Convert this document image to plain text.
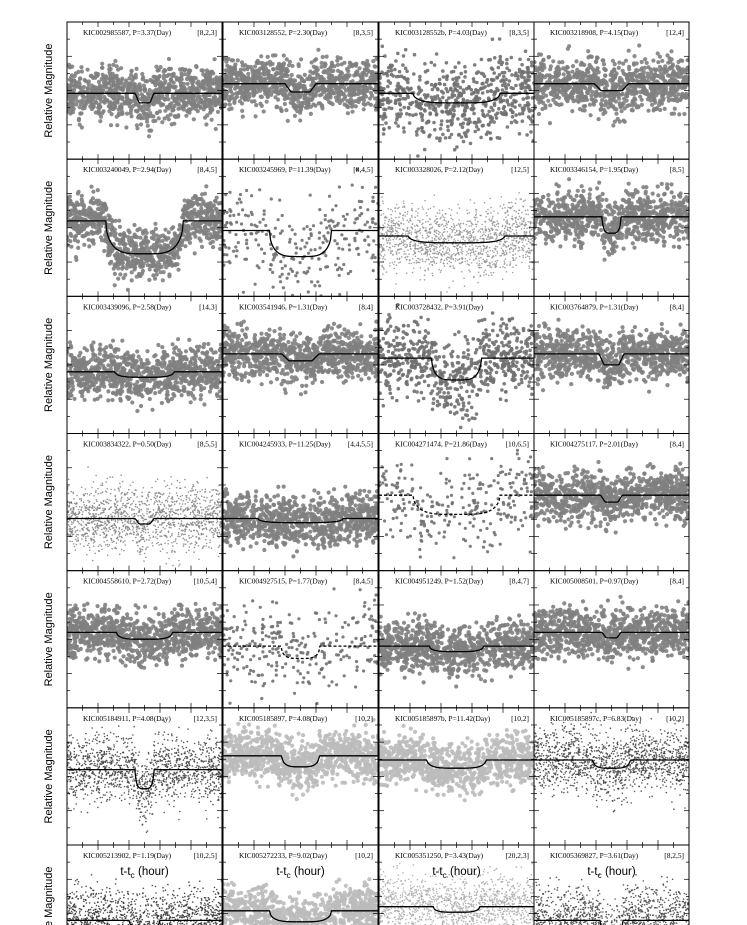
KIC002985587, P=3.37(Day)	[8,2,3]	KIC003128552, P=2.30(Day)	[8,3,5]	KIC003128552b, P=4.03(Day)	[8,3,5]	KIC003218908, P=4.15(Day)	[12,4]
KIC003240049, P=2.94(Day)	[8,4,5]	KIC003245969, P=11.39(Day)	[8,4,5]	KIC003328026, P=2.12(Day)	[12,5]	KIC003346154, P=1.95(Day)	[8,5]
KIC003439096, P=2.58(Day)	[14,3]	KIC003541946, P=1.31(Day)	[8,4]	KIC003728432, P=3.91(Day)	KIC003764879, P=1.31(Day)	[8,4]
KIC003834322, P=0.50(Day)	[8,5,5]	KIC004245933, P=11.25(Day) [4,4,5,5]	KIC004271474, P=21.86(Day)	[10,6,5]	KIC004275117, P=2.01(Day)	[8,4]
KIC004558610, P=2.72(Day)	[10,5,4]	KIC004927515, P=1.77(Day)	[8,4,5]	KIC004951249, P=1.52(Day)	[8,4,7]	KIC005008501, P=0.97(Day)	[8,4]
KIC005184911, P=4.08(Day)	[12,3,5]	KIC005185897, P=4.08(Day)	[10,2]	KIC005185897b, P=11.42(Day)	[10,2]	KIC005185897c, P=6.83(Day)	[10,2]
KIC005213902, P=1.19(Day)	[10,2,5]	KIC005272233, P=9.02(Day)	[10,2]	KIC005351250, P=3.43(Day)	[20,2,3]	KIC005369827, P=3.61(Day)	[8,2,5]
Relative Magnitude
Relative Magnitude
Relative Magnitude
Relative Magnitude
Relative Magnitude
Relative Magnitude
Relative Magnitude	$t-t_c$ (hour)	$t-t_c$ (hour)	$t-t_c$ (hour)	$t-t_c$ (hour)
